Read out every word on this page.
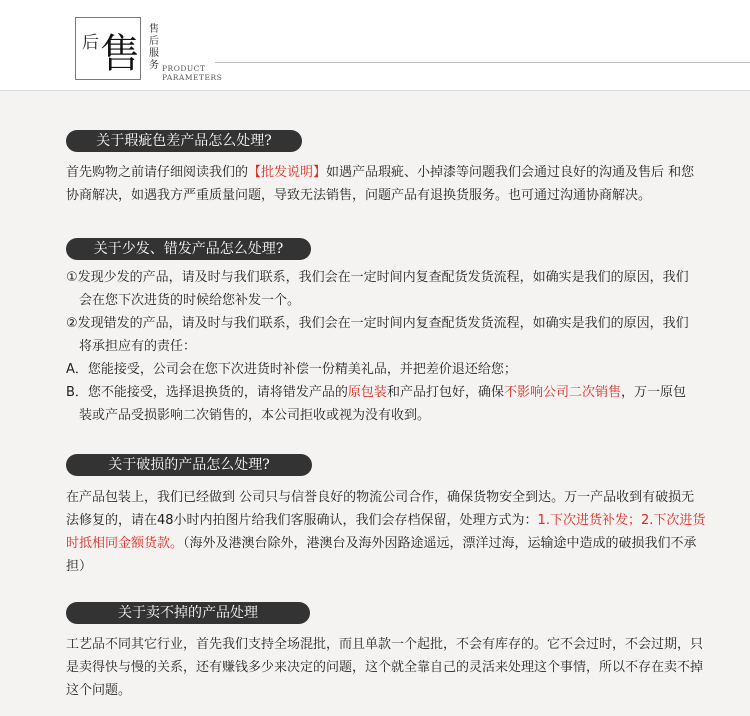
后 售
售后服务 PRODUCT
PARAMETERS
关于瑕疵色差产品怎么处理?
首先购物之前请仔细阅读我们的【批发说明】如遇产品瑕疵、小掉漆等问题我们会通过良好的沟通及售后 和您协商解决，如遇我方严重质量问题，导致无法销售，问题产品有退换货服务。也可通过沟通协商解决。
关于少发、错发产品怎么处理?
①发现少发的产品，请及时与我们联系，我们会在一定时间内复查配货发货流程，如确实是我们的原因，我们
会在您下次进货的时候给您补发一个。
②发现错发的产品，请及时与我们联系，我们会在一定时间内复查配货发货流程，如确实是我们的原因，我们
将承担应有的责任：
A．您能接受，公司会在您下次进货时补偿一份精美礼品，并把差价退还给您；
B．您不能接受，选择退换货的，请将错发产品的原包装和产品打包好，确保不影响公司二次销售，万一原包
装或产品受损影响二次销售的，本公司拒收或视为没有收到。
关于破损的产品怎么处理?
在产品包装上，我们已经做到 公司只与信誉良好的物流公司合作，确保货物安全到达。万一产品收到有破损无法修复的，请在48小时内拍图片给我们客服确认，我们会存档保留，处理方式为：1.下次进货补发；2.下次进货时抵相同金额货款。（海外及港澳台除外，港澳台及海外因路途遥远，漂洋过海，运输途中造成的破损我们不承担）
关于卖不掉的产品处理
工艺品不同其它行业，首先我们支持全场混批，而且单款一个起批，不会有库存的。它不会过时，不会过期，只是卖得快与慢的关系，还有赚钱多少来决定的问题，这个就全靠自己的灵活来处理这个事情，所以不存在卖不掉这个问题。
